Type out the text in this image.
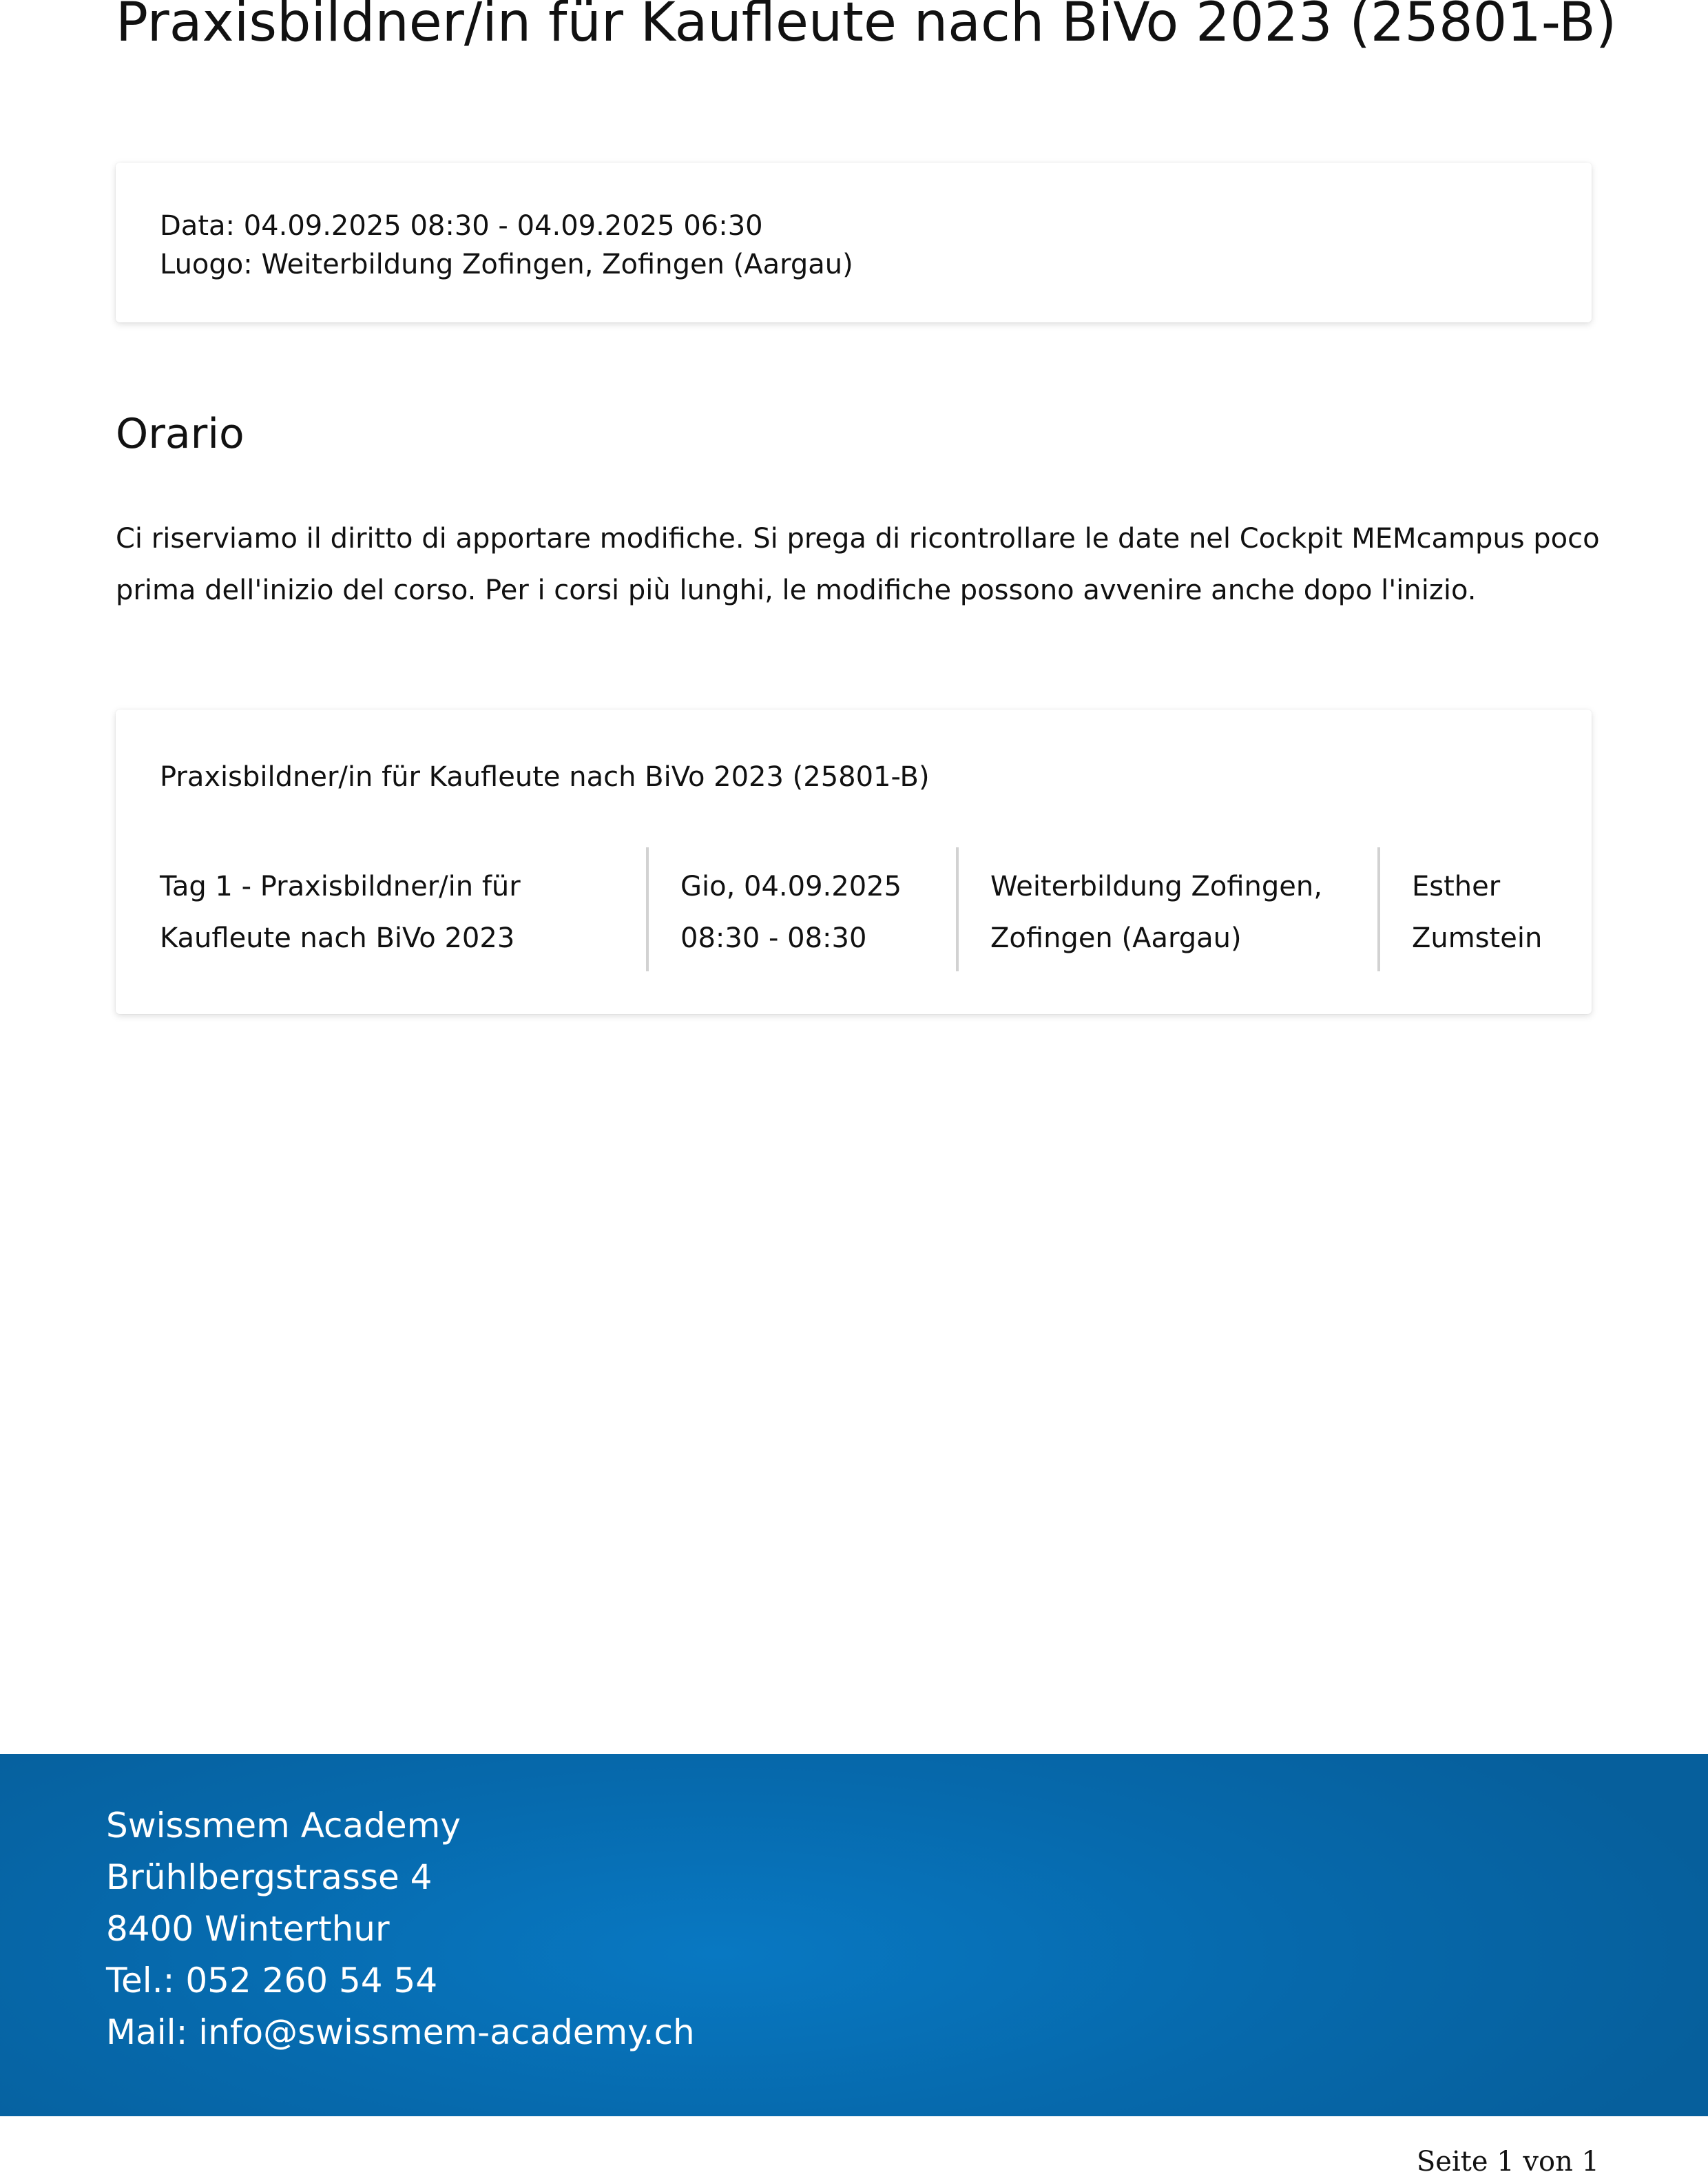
Praxisbildner/in für Kaufleute nach BiVo 2023 (25801-B)
Data: 04.09.2025 08:30 - 04.09.2025 06:30
Luogo: Weiterbildung Zofingen, Zofingen (Aargau)
Orario

Ci riserviamo il diritto di apportare modifiche. Si prega di ricontrollare le date nel Cockpit MEMcampus poco prima dell'inizio del corso. Per i corsi più lunghi, le modifiche possono avvenire anche dopo l'inizio.

Praxisbildner/in für Kaufleute nach BiVo 2023 (25801-B)
Tag 1 - Praxisbildner/in für
Kaufleute nach BiVo 2023
Gio, 04.09.2025
08:30 - 08:30
Weiterbildung Zofingen,
Zofingen (Aargau)
Esther
Zumstein
Swissmem Academy
Brühlbergstrasse 4
8400 Winterthur
Tel.: 052 260 54 54
Mail: info@swissmem-academy.ch
Seite 1 von 1
